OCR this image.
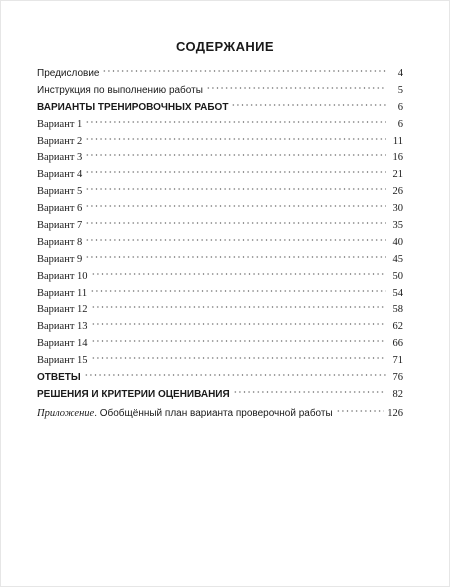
СОДЕРЖАНИЕ
Предисловие	4
Инструкция по выполнению работы	5
ВАРИАНТЫ ТРЕНИРОВОЧНЫХ РАБОТ	6
Вариант 1	6
Вариант 2	11
Вариант 3	16
Вариант 4	21
Вариант 5	26
Вариант 6	30
Вариант 7	35
Вариант 8	40
Вариант 9	45
Вариант 10	50
Вариант 11	54
Вариант 12	58
Вариант 13	62
Вариант 14	66
Вариант 15	71
ОТВЕТЫ	76
РЕШЕНИЯ И КРИТЕРИИ ОЦЕНИВАНИЯ	82
Приложение. Обобщённый план варианта проверочной работы	126
